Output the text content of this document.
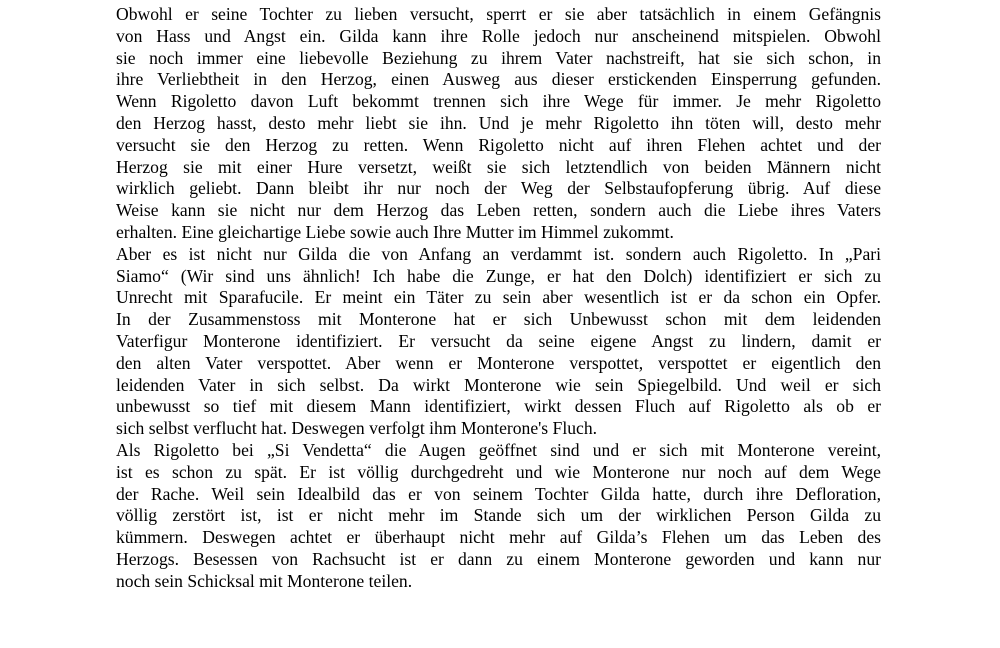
Obwohl er seine Tochter zu lieben versucht, sperrt er sie aber tatsächlich in einem Gefängnis
von Hass und Angst ein. Gilda kann ihre Rolle jedoch nur anscheinend mitspielen. Obwohl
sie noch immer eine liebevolle Beziehung zu ihrem Vater nachstreift, hat sie sich schon, in
ihre Verliebtheit in den Herzog, einen Ausweg aus dieser erstickenden Einsperrung gefunden.
Wenn Rigoletto davon Luft bekommt trennen sich ihre Wege für immer. Je mehr Rigoletto
den Herzog hasst, desto mehr liebt sie ihn. Und je mehr Rigoletto ihn töten will, desto mehr
versucht sie den Herzog zu retten. Wenn Rigoletto nicht auf ihren Flehen achtet und der
Herzog sie mit einer Hure versetzt, weißt sie sich letztendlich von beiden Männern nicht
wirklich geliebt. Dann bleibt ihr nur noch der Weg der Selbstaufopferung übrig. Auf diese
Weise kann sie nicht nur dem Herzog das Leben retten, sondern auch die Liebe ihres Vaters
erhalten. Eine gleichartige Liebe sowie auch Ihre Mutter im Himmel zukommt.
Aber es ist nicht nur Gilda die von Anfang an verdammt ist. sondern auch Rigoletto. In „Pari
Siamo“ (Wir sind uns ähnlich! Ich habe die Zunge, er hat den Dolch) identifiziert er sich zu
Unrecht mit Sparafucile. Er meint ein Täter zu sein aber wesentlich ist er da schon ein Opfer.
In der Zusammenstoss mit Monterone hat er sich Unbewusst schon mit dem leidenden
Vaterfigur Monterone identifiziert. Er versucht da seine eigene Angst zu lindern, damit er
den alten Vater verspottet. Aber wenn er Monterone verspottet, verspottet er eigentlich den
leidenden Vater in sich selbst. Da wirkt Monterone wie sein Spiegelbild. Und weil er sich
unbewusst so tief mit diesem Mann identifiziert, wirkt dessen Fluch auf Rigoletto als ob er
sich selbst verflucht hat. Deswegen verfolgt ihm Monterone's Fluch.
Als Rigoletto bei „Si Vendetta“ die Augen geöffnet sind und er sich mit Monterone vereint,
ist es schon zu spät. Er ist völlig durchgedreht und wie Monterone nur noch auf dem Wege
der Rache. Weil sein Idealbild das er von seinem Tochter Gilda hatte, durch ihre Defloration,
völlig zerstört ist, ist er nicht mehr im Stande sich um der wirklichen Person Gilda zu
kümmern. Deswegen achtet er überhaupt nicht mehr auf Gilda’s Flehen um das Leben des
Herzogs. Besessen von Rachsucht ist er dann zu einem Monterone geworden und kann nur
noch sein Schicksal mit Monterone teilen.
